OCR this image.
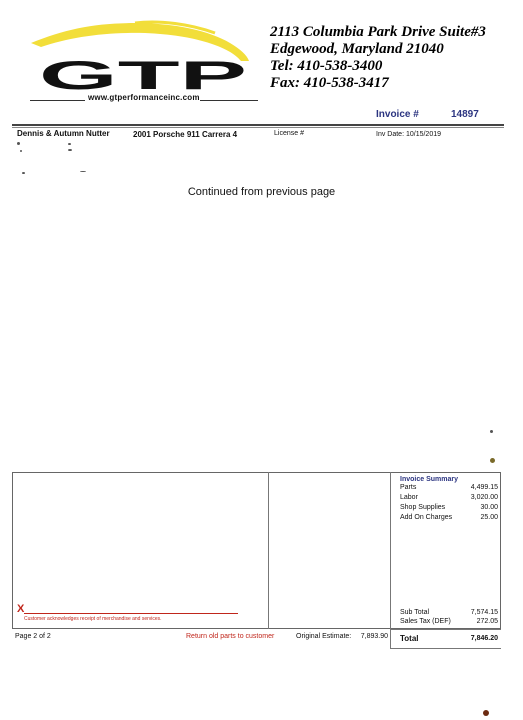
GTP
www.gtperformanceinc.com
2113 Columbia Park Drive Suite#3
Edgewood, Maryland 21040
Tel: 410-538-3400
Fax: 410-538-3417
Invoice #	14897
Dennis & Autumn Nutter	2001 Porsche 911 Carrera 4	License #	Inv Date: 10/15/2019
Continued from previous page
Invoice Summary
Parts	4,499.15
Labor	3,020.00
Shop Supplies	30.00
Add On Charges	25.00
Sub Total	7,574.15
Sales Tax (DEF)	272.05
Total	7,846.20
X
Customer acknowledges receipt of merchandise and services.
Page 2 of 2	Return old parts to customer	Original Estimate:	7,893.90
